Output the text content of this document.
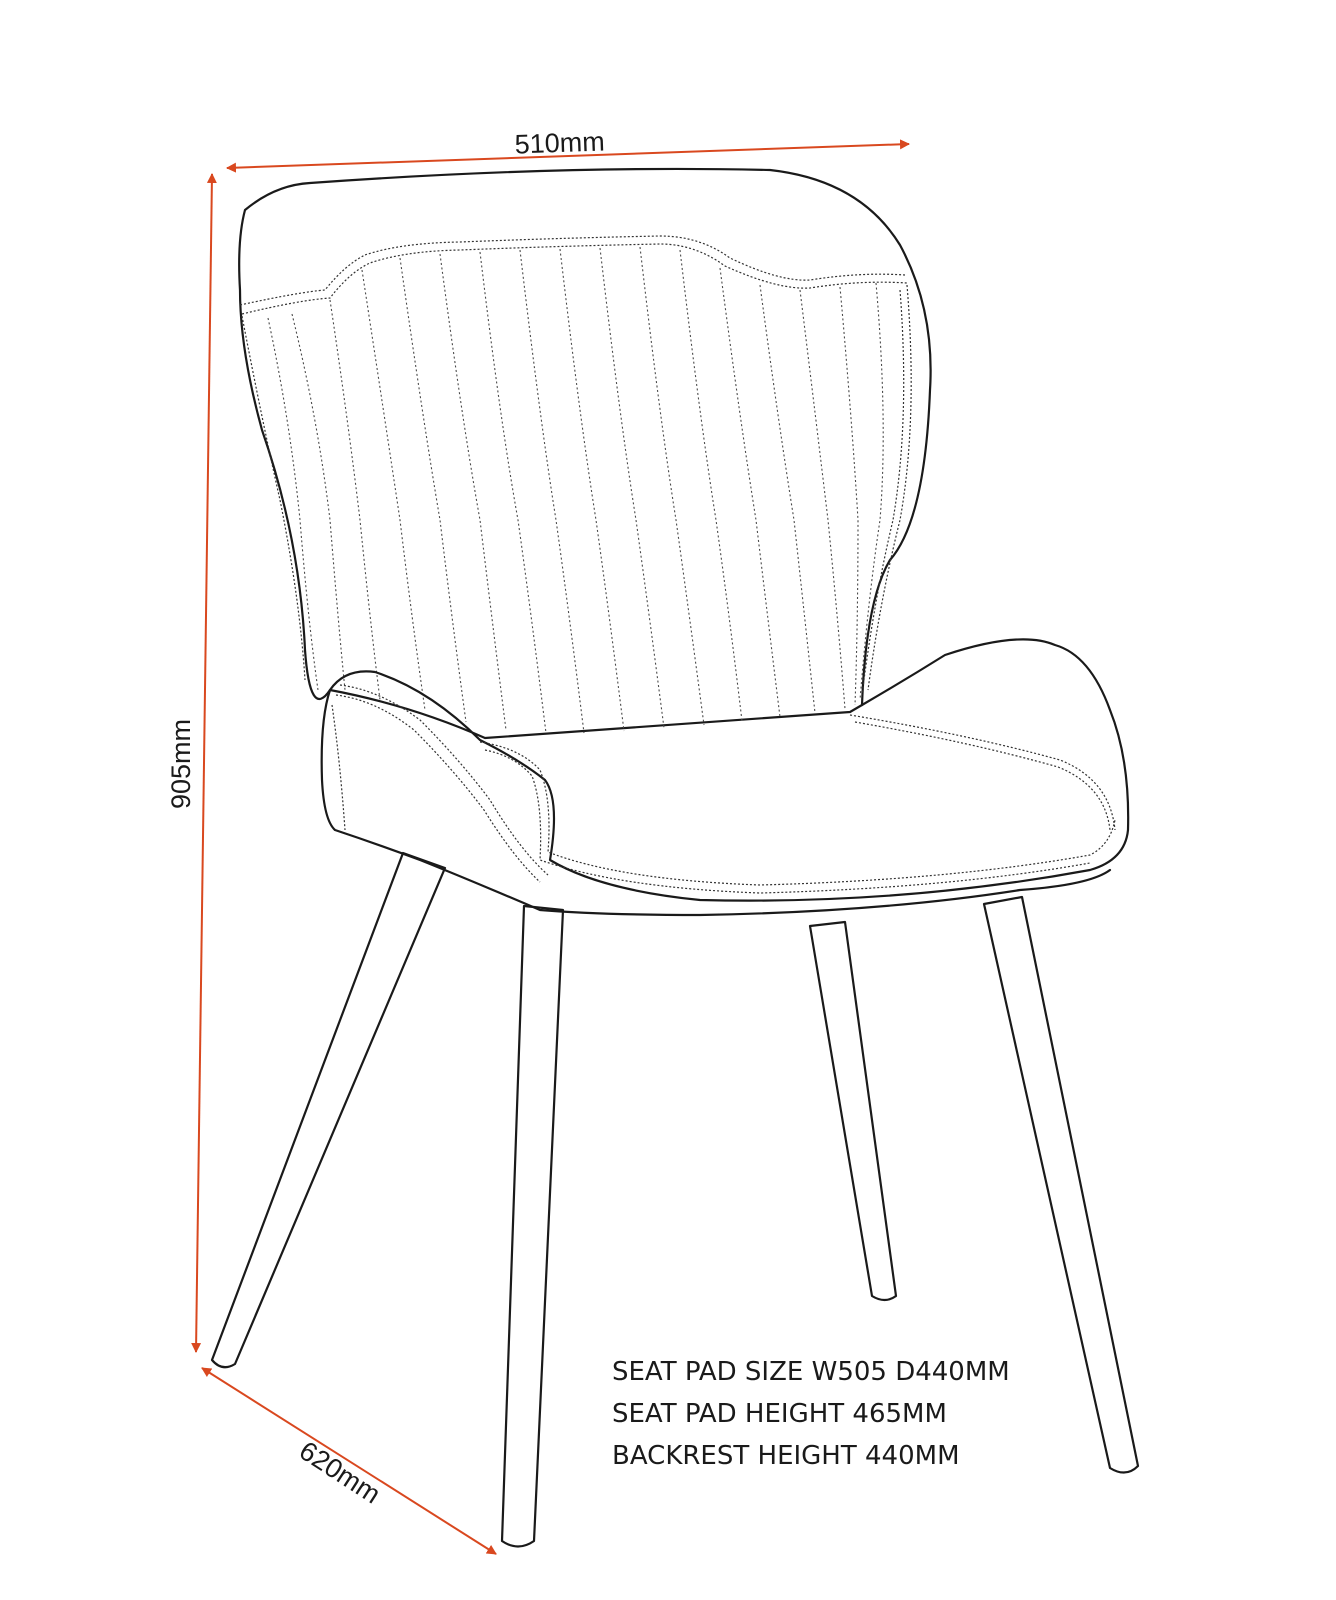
510mm
905mm
620mm
SEAT PAD SIZE W505 D440MM
SEAT PAD HEIGHT 465MM
BACKREST HEIGHT 440MM
